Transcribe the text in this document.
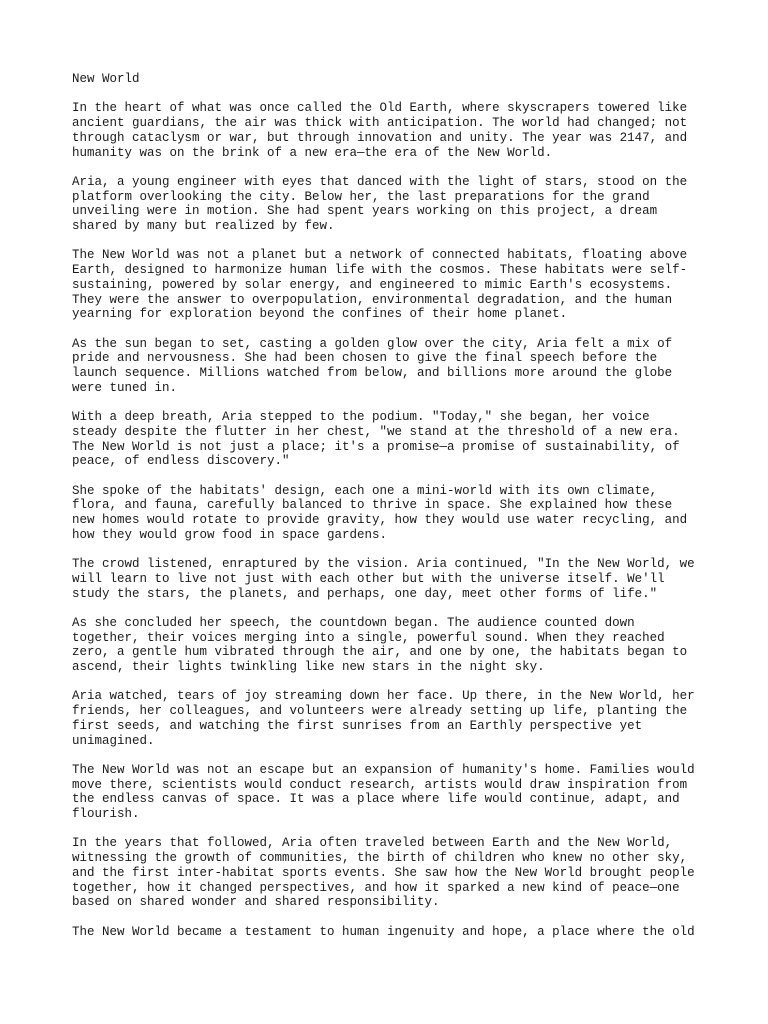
New World
In the heart of what was once called the Old Earth, where skyscrapers towered like
ancient guardians, the air was thick with anticipation. The world had changed; not
through cataclysm or war, but through innovation and unity. The year was 2147, and
humanity was on the brink of a new era—the era of the New World.
Aria, a young engineer with eyes that danced with the light of stars, stood on the
platform overlooking the city. Below her, the last preparations for the grand
unveiling were in motion. She had spent years working on this project, a dream
shared by many but realized by few.
The New World was not a planet but a network of connected habitats, floating above
Earth, designed to harmonize human life with the cosmos. These habitats were self-
sustaining, powered by solar energy, and engineered to mimic Earth's ecosystems.
They were the answer to overpopulation, environmental degradation, and the human
yearning for exploration beyond the confines of their home planet.
As the sun began to set, casting a golden glow over the city, Aria felt a mix of
pride and nervousness. She had been chosen to give the final speech before the
launch sequence. Millions watched from below, and billions more around the globe
were tuned in.
With a deep breath, Aria stepped to the podium. "Today," she began, her voice
steady despite the flutter in her chest, "we stand at the threshold of a new era.
The New World is not just a place; it's a promise—a promise of sustainability, of
peace, of endless discovery."
She spoke of the habitats' design, each one a mini-world with its own climate,
flora, and fauna, carefully balanced to thrive in space. She explained how these
new homes would rotate to provide gravity, how they would use water recycling, and
how they would grow food in space gardens.
The crowd listened, enraptured by the vision. Aria continued, "In the New World, we
will learn to live not just with each other but with the universe itself. We'll
study the stars, the planets, and perhaps, one day, meet other forms of life."
As she concluded her speech, the countdown began. The audience counted down
together, their voices merging into a single, powerful sound. When they reached
zero, a gentle hum vibrated through the air, and one by one, the habitats began to
ascend, their lights twinkling like new stars in the night sky.
Aria watched, tears of joy streaming down her face. Up there, in the New World, her
friends, her colleagues, and volunteers were already setting up life, planting the
first seeds, and watching the first sunrises from an Earthly perspective yet
unimagined.
The New World was not an escape but an expansion of humanity's home. Families would
move there, scientists would conduct research, artists would draw inspiration from
the endless canvas of space. It was a place where life would continue, adapt, and
flourish.
In the years that followed, Aria often traveled between Earth and the New World,
witnessing the growth of communities, the birth of children who knew no other sky,
and the first inter-habitat sports events. She saw how the New World brought people
together, how it changed perspectives, and how it sparked a new kind of peace—one
based on shared wonder and shared responsibility.
The New World became a testament to human ingenuity and hope, a place where the old
